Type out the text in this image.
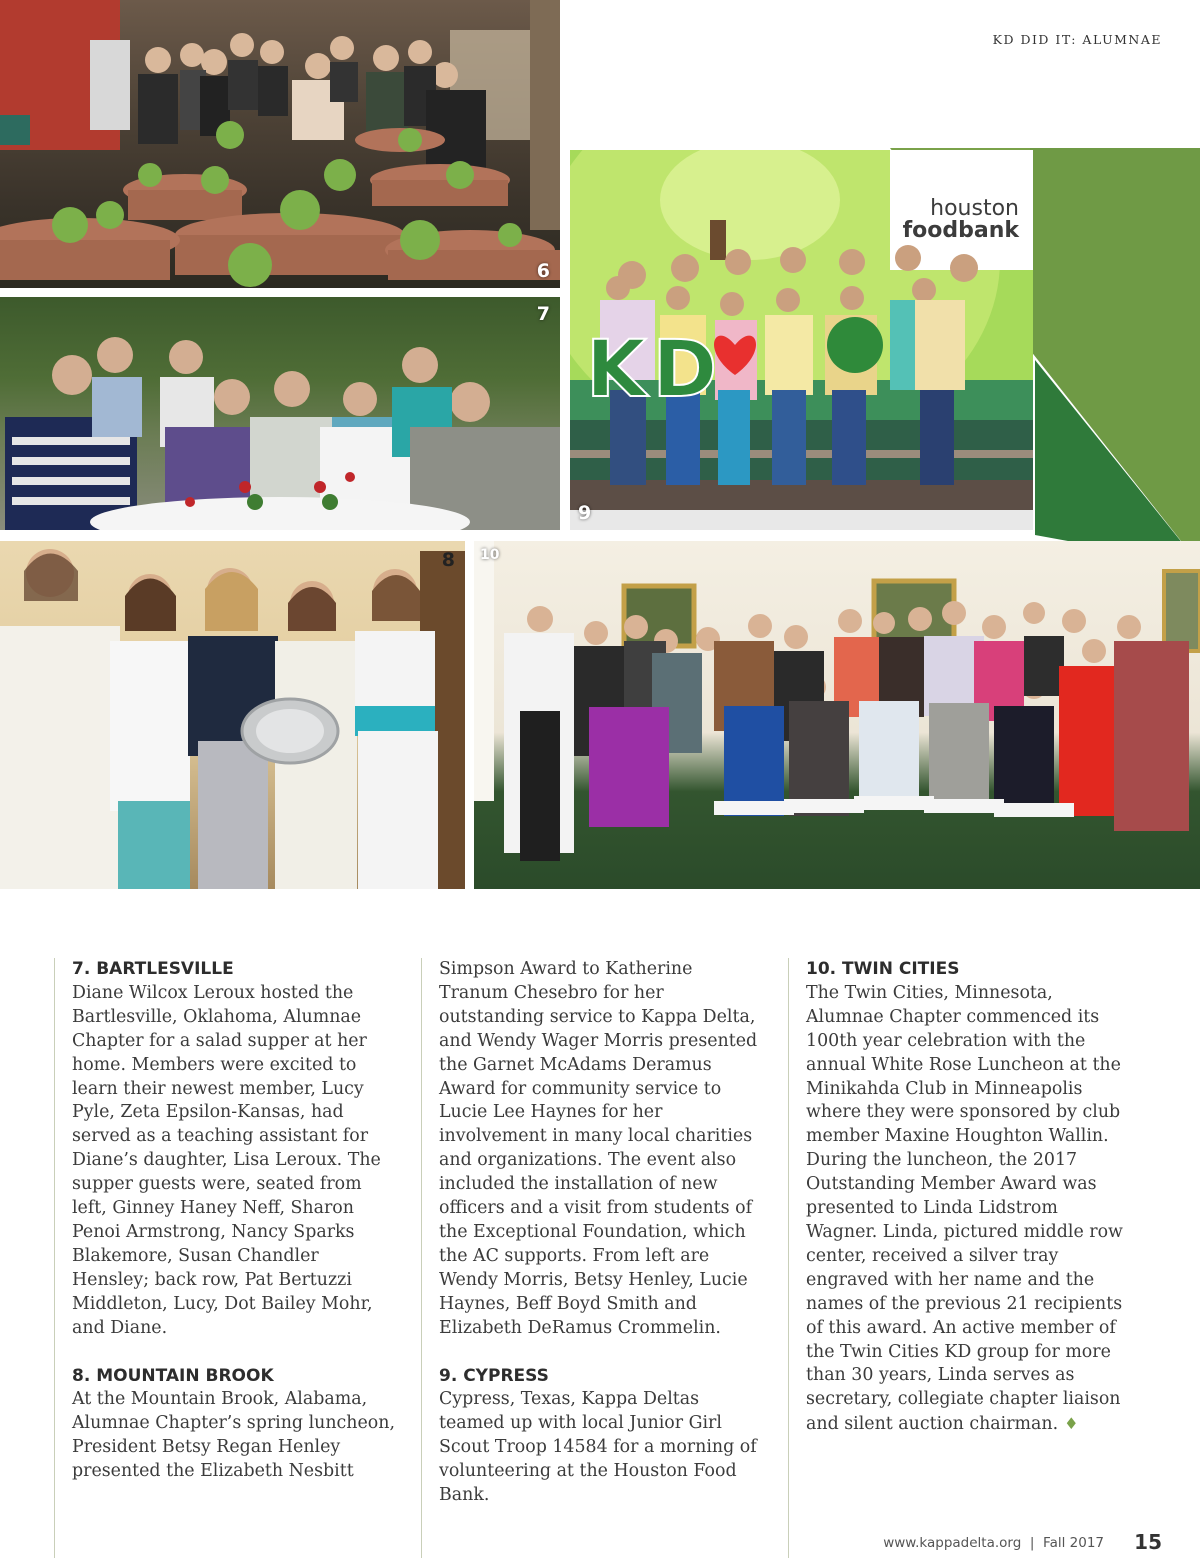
KD DID IT: ALUMNAE
6
7
houston
foodbank
KD
9
8 10
7. BARTLESVILLE

Diane Wilcox Leroux hosted the Bartlesville, Oklahoma, Alumnae Chapter for a salad supper at her home. Members were excited to learn their newest member, Lucy Pyle, Zeta Epsilon-Kansas, had served as a teaching assistant for Diane’s daughter, Lisa Leroux. The supper guests were, seated from left, Ginney Haney Neff, Sharon Penoi Armstrong, Nancy Sparks Blakemore, Susan Chandler Hensley; back row, Pat Bertuzzi Middleton, Lucy, Dot Bailey Mohr, and Diane.

8. MOUNTAIN BROOK

At the Mountain Brook, Alabama, Alumnae Chapter’s spring luncheon, President Betsy Regan Henley presented the Elizabeth Nesbitt

Simpson Award to Katherine Tranum Chesebro for her outstanding service to Kappa Delta, and Wendy Wager Morris presented the Garnet McAdams Deramus Award for community service to Lucie Lee Haynes for her involvement in many local charities and organizations. The event also included the installation of new officers and a visit from students of the Exceptional Foundation, which the AC supports. From left are Wendy Morris, Betsy Henley, Lucie Haynes, Beff Boyd Smith and Elizabeth DeRamus Crommelin.

9. CYPRESS

Cypress, Texas, Kappa Deltas teamed up with local Junior Girl Scout Troop 14584 for a morning of volunteering at the Houston Food Bank.

10. TWIN CITIES

The Twin Cities, Minnesota, Alumnae Chapter commenced its 100th year celebration with the annual White Rose Luncheon at the Minikahda Club in Minneapolis where they were sponsored by club member Maxine Houghton Wallin. During the luncheon, the 2017 Outstanding Member Award was presented to Linda Lidstrom Wagner. Linda, pictured middle row center, received a silver tray engraved with her name and the names of the previous 21 recipients of this award. An active member of the Twin Cities KD group for more than 30 years, Linda serves as secretary, collegiate chapter liaison and silent auction chairman. ♦

www.kappadelta.org | Fall 2017 15
